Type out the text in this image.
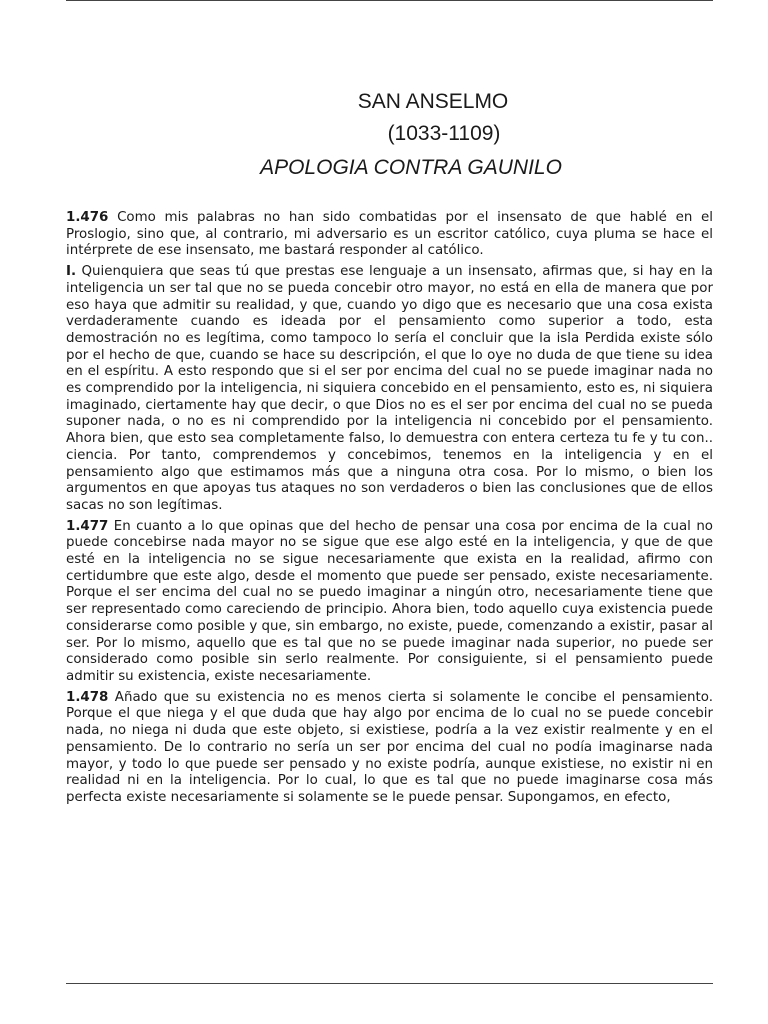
SAN ANSELMO
(1033-1109)
APOLOGIA CONTRA GAUNILO

1.476 Como mis palabras no han sido combatidas por el insensato de que hablé en el Proslogio, sino que, al contrario, mi adversario es un escritor católico, cuya pluma se hace el intérprete de ese insensato, me bastará responder al católico.

I. Quienquiera que seas tú que prestas ese lenguaje a un insensato, afirmas que, si hay en la inteligencia un ser tal que no se pueda concebir otro mayor, no está en ella de manera que por eso haya que admitir su realidad, y que, cuando yo digo que es necesario que una cosa exista verdaderamente cuando es ideada por el pensamiento como superior a todo, esta demostración no es legítima, como tampoco lo sería el concluir que la isla Perdida existe sólo por el hecho de que, cuando se hace su descripción, el que lo oye no duda de que tiene su idea en el espíritu. A esto respondo que si el ser por encima del cual no se puede imaginar nada no es comprendido por la inteligencia, ni siquiera concebido en el pensamiento, esto es, ni siquiera imaginado, ciertamente hay que decir, o que Dios no es el ser por encima del cual no se pueda suponer nada, o no es ni comprendido por la inteligencia ni concebido por el pensamiento. Ahora bien, que esto sea completamente falso, lo demuestra con entera certeza tu fe y tu con.. ciencia. Por tanto, comprendemos y concebimos, tenemos en la inteligencia y en el pensamiento algo que estimamos más que a ninguna otra cosa. Por lo mismo, o bien los argumentos en que apoyas tus ataques no son verdaderos o bien las conclusiones que de ellos sacas no son legítimas.

1.477 En cuanto a lo que opinas que del hecho de pensar una cosa por encima de la cual no puede concebirse nada mayor no se sigue que ese algo esté en la inteligencia, y que de que esté en la inteligencia no se sigue necesariamente que exista en la realidad, afirmo con certidumbre que este algo, desde el momento que puede ser pensado, existe necesariamente. Porque el ser encima del cual no se puedo imaginar a ningún otro, necesariamente tiene que ser representado como careciendo de principio. Ahora bien, todo aquello cuya existencia puede considerarse como posible y que, sin embargo, no existe, puede, comenzando a existir, pasar al ser. Por lo mismo, aquello que es tal que no se puede imaginar nada superior, no puede ser considerado como posible sin serlo realmente. Por consiguiente, si el pensamiento puede admitir su existencia, existe necesariamente.

1.478 Añado que su existencia no es menos cierta si solamente le concibe el pensamiento. Porque el que niega y el que duda que hay algo por encima de lo cual no se puede concebir nada, no niega ni duda que este objeto, si existiese, podría a la vez existir realmente y en el pensamiento. De lo contrario no sería un ser por encima del cual no podía imaginarse nada mayor, y todo lo que puede ser pensado y no existe podría, aunque existiese, no existir ni en realidad ni en la inteligencia. Por lo cual, lo que es tal que no puede imaginarse cosa más perfecta existe necesariamente si solamente se le puede pensar. Supongamos, en efecto,
